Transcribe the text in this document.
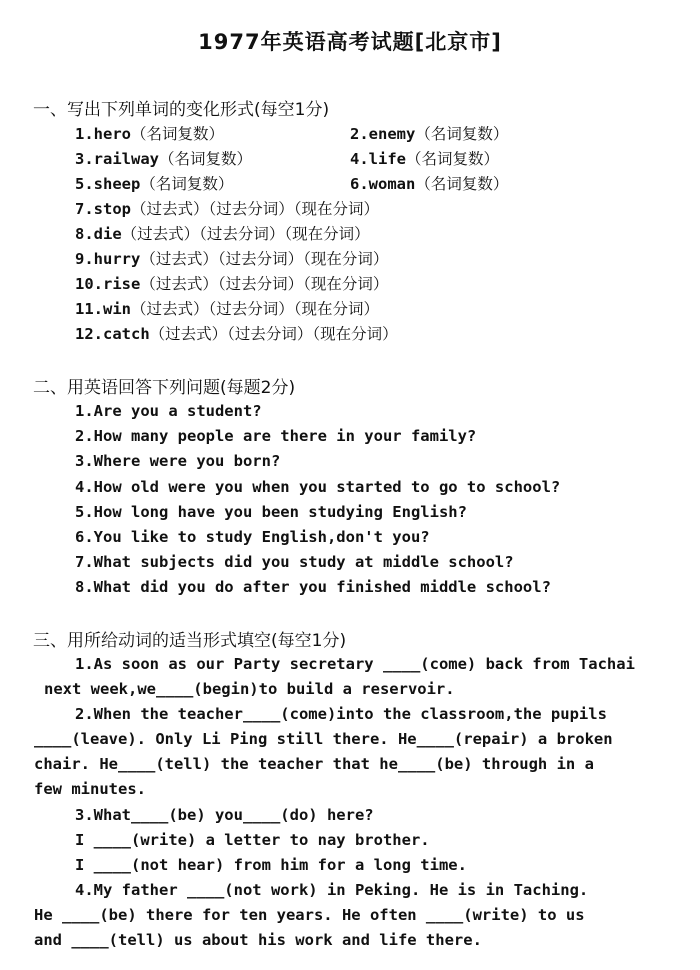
1977年英语高考试题[北京市]
一、写出下列单词的变化形式(每空1分)
1.hero（名词复数）	2.enemy（名词复数）
3.railway（名词复数）	4.life（名词复数）
5.sheep（名词复数）	6.woman（名词复数）
7.stop（过去式）（过去分词）（现在分词）
8.die（过去式）（过去分词）（现在分词）
9.hurry（过去式）（过去分词）（现在分词）
10.rise（过去式）（过去分词）（现在分词）
11.win（过去式）（过去分词）（现在分词）
12.catch（过去式）（过去分词）（现在分词）
二、用英语回答下列问题(每题2分)
1.Are you a student?
2.How many people are there in your family?
3.Where were you born?
4.How old were you when you started to go to school?
5.How long have you been studying English?
6.You like to study English,don't you?
7.What subjects did you study at middle school?
8.What did you do after you finished middle school?
三、用所给动词的适当形式填空(每空1分)
1.As soon as our Party secretary ____(come) back from Tachai
next week,we____(begin)to build a reservoir.
2.When the teacher____(come)into the classroom,the pupils
____(leave). Only Li Ping still there. He____(repair) a broken
chair. He____(tell) the teacher that he____(be) through in a
few minutes.
3.What____(be) you____(do) here?
I ____(write) a letter to nay brother.
I ____(not hear) from him for a long time.
4.My father ____(not work) in Peking. He is in Taching.
He ____(be) there for ten years. He often ____(write) to us
and ____(tell) us about his work and life there.
